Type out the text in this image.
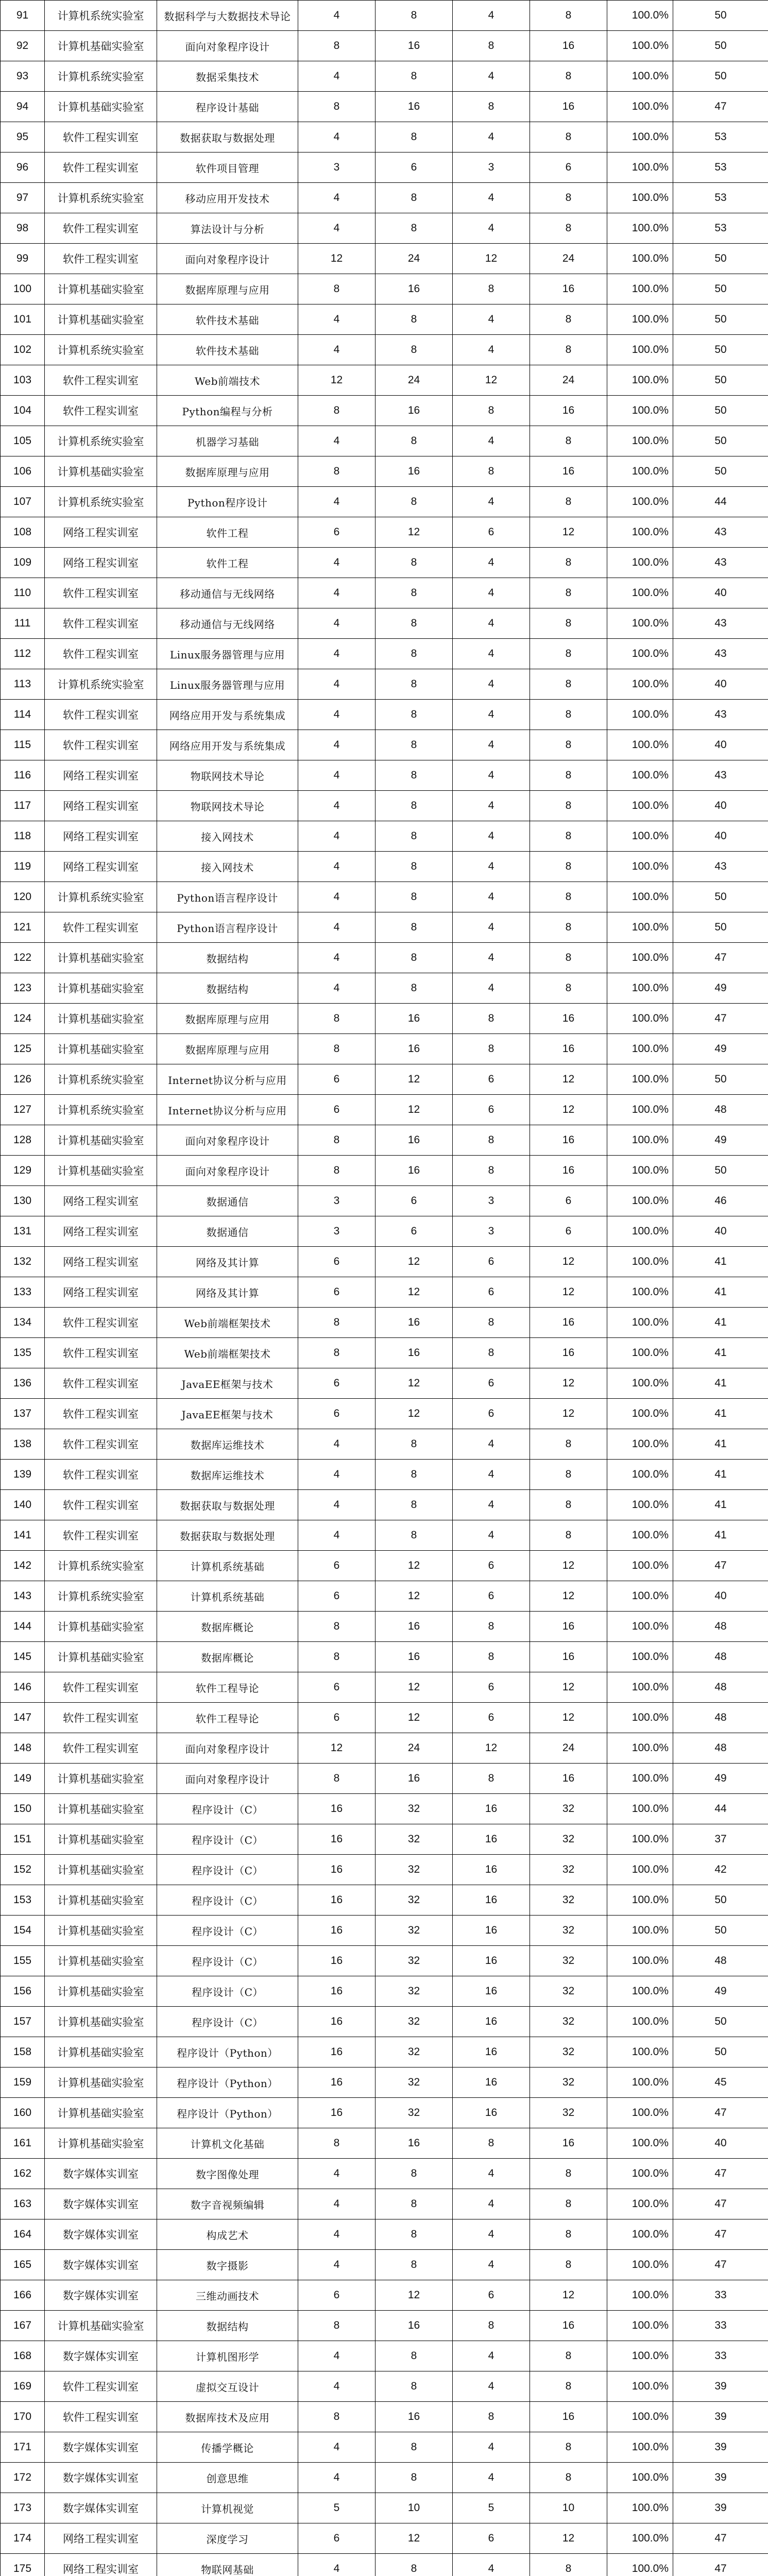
91	计算机系统实验室	数据科学与大数据技术导论	4	8	4	8	100.0%	50
92	计算机基础实验室	面向对象程序设计	8	16	8	16	100.0%	50
93	计算机系统实验室	数据采集技术	4	8	4	8	100.0%	50
94	计算机基础实验室	程序设计基础	8	16	8	16	100.0%	47
95	软件工程实训室	数据获取与数据处理	4	8	4	8	100.0%	53
96	软件工程实训室	软件项目管理	3	6	3	6	100.0%	53
97	计算机系统实验室	移动应用开发技术	4	8	4	8	100.0%	53
98	软件工程实训室	算法设计与分析	4	8	4	8	100.0%	53
99	软件工程实训室	面向对象程序设计	12	24	12	24	100.0%	50
100	计算机基础实验室	数据库原理与应用	8	16	8	16	100.0%	50
101	计算机基础实验室	软件技术基础	4	8	4	8	100.0%	50
102	计算机系统实验室	软件技术基础	4	8	4	8	100.0%	50
103	软件工程实训室	Web前端技术	12	24	12	24	100.0%	50
104	软件工程实训室	Python编程与分析	8	16	8	16	100.0%	50
105	计算机系统实验室	机器学习基础	4	8	4	8	100.0%	50
106	计算机基础实验室	数据库原理与应用	8	16	8	16	100.0%	50
107	计算机系统实验室	Python程序设计	4	8	4	8	100.0%	44
108	网络工程实训室	软件工程	6	12	6	12	100.0%	43
109	网络工程实训室	软件工程	4	8	4	8	100.0%	43
110	软件工程实训室	移动通信与无线网络	4	8	4	8	100.0%	40
111	软件工程实训室	移动通信与无线网络	4	8	4	8	100.0%	43
112	软件工程实训室	Linux服务器管理与应用	4	8	4	8	100.0%	43
113	计算机系统实验室	Linux服务器管理与应用	4	8	4	8	100.0%	40
114	软件工程实训室	网络应用开发与系统集成	4	8	4	8	100.0%	43
115	软件工程实训室	网络应用开发与系统集成	4	8	4	8	100.0%	40
116	网络工程实训室	物联网技术导论	4	8	4	8	100.0%	43
117	网络工程实训室	物联网技术导论	4	8	4	8	100.0%	40
118	网络工程实训室	接入网技术	4	8	4	8	100.0%	40
119	网络工程实训室	接入网技术	4	8	4	8	100.0%	43
120	计算机系统实验室	Python语言程序设计	4	8	4	8	100.0%	50
121	软件工程实训室	Python语言程序设计	4	8	4	8	100.0%	50
122	计算机基础实验室	数据结构	4	8	4	8	100.0%	47
123	计算机基础实验室	数据结构	4	8	4	8	100.0%	49
124	计算机基础实验室	数据库原理与应用	8	16	8	16	100.0%	47
125	计算机基础实验室	数据库原理与应用	8	16	8	16	100.0%	49
126	计算机系统实验室	Internet协议分析与应用	6	12	6	12	100.0%	50
127	计算机系统实验室	Internet协议分析与应用	6	12	6	12	100.0%	48
128	计算机基础实验室	面向对象程序设计	8	16	8	16	100.0%	49
129	计算机基础实验室	面向对象程序设计	8	16	8	16	100.0%	50
130	网络工程实训室	数据通信	3	6	3	6	100.0%	46
131	网络工程实训室	数据通信	3	6	3	6	100.0%	40
132	网络工程实训室	网络及其计算	6	12	6	12	100.0%	41
133	网络工程实训室	网络及其计算	6	12	6	12	100.0%	41
134	软件工程实训室	Web前端框架技术	8	16	8	16	100.0%	41
135	软件工程实训室	Web前端框架技术	8	16	8	16	100.0%	41
136	软件工程实训室	JavaEE框架与技术	6	12	6	12	100.0%	41
137	软件工程实训室	JavaEE框架与技术	6	12	6	12	100.0%	41
138	软件工程实训室	数据库运维技术	4	8	4	8	100.0%	41
139	软件工程实训室	数据库运维技术	4	8	4	8	100.0%	41
140	软件工程实训室	数据获取与数据处理	4	8	4	8	100.0%	41
141	软件工程实训室	数据获取与数据处理	4	8	4	8	100.0%	41
142	计算机系统实验室	计算机系统基础	6	12	6	12	100.0%	47
143	计算机系统实验室	计算机系统基础	6	12	6	12	100.0%	40
144	计算机基础实验室	数据库概论	8	16	8	16	100.0%	48
145	计算机基础实验室	数据库概论	8	16	8	16	100.0%	48
146	软件工程实训室	软件工程导论	6	12	6	12	100.0%	48
147	软件工程实训室	软件工程导论	6	12	6	12	100.0%	48
148	软件工程实训室	面向对象程序设计	12	24	12	24	100.0%	48
149	计算机基础实验室	面向对象程序设计	8	16	8	16	100.0%	49
150	计算机基础实验室	程序设计（C）	16	32	16	32	100.0%	44
151	计算机基础实验室	程序设计（C）	16	32	16	32	100.0%	37
152	计算机基础实验室	程序设计（C）	16	32	16	32	100.0%	42
153	计算机基础实验室	程序设计（C）	16	32	16	32	100.0%	50
154	计算机基础实验室	程序设计（C）	16	32	16	32	100.0%	50
155	计算机基础实验室	程序设计（C）	16	32	16	32	100.0%	48
156	计算机基础实验室	程序设计（C）	16	32	16	32	100.0%	49
157	计算机基础实验室	程序设计（C）	16	32	16	32	100.0%	50
158	计算机基础实验室	程序设计（Python）	16	32	16	32	100.0%	50
159	计算机基础实验室	程序设计（Python）	16	32	16	32	100.0%	45
160	计算机基础实验室	程序设计（Python）	16	32	16	32	100.0%	47
161	计算机基础实验室	计算机文化基础	8	16	8	16	100.0%	40
162	数字媒体实训室	数字图像处理	4	8	4	8	100.0%	47
163	数字媒体实训室	数字音视频编辑	4	8	4	8	100.0%	47
164	数字媒体实训室	构成艺术	4	8	4	8	100.0%	47
165	数字媒体实训室	数字摄影	4	8	4	8	100.0%	47
166	数字媒体实训室	三维动画技术	6	12	6	12	100.0%	33
167	计算机基础实验室	数据结构	8	16	8	16	100.0%	33
168	数字媒体实训室	计算机图形学	4	8	4	8	100.0%	33
169	软件工程实训室	虚拟交互设计	4	8	4	8	100.0%	39
170	软件工程实训室	数据库技术及应用	8	16	8	16	100.0%	39
171	数字媒体实训室	传播学概论	4	8	4	8	100.0%	39
172	数字媒体实训室	创意思维	4	8	4	8	100.0%	39
173	数字媒体实训室	计算机视觉	5	10	5	10	100.0%	39
174	网络工程实训室	深度学习	6	12	6	12	100.0%	47
175	网络工程实训室	物联网基础	4	8	4	8	100.0%	47
